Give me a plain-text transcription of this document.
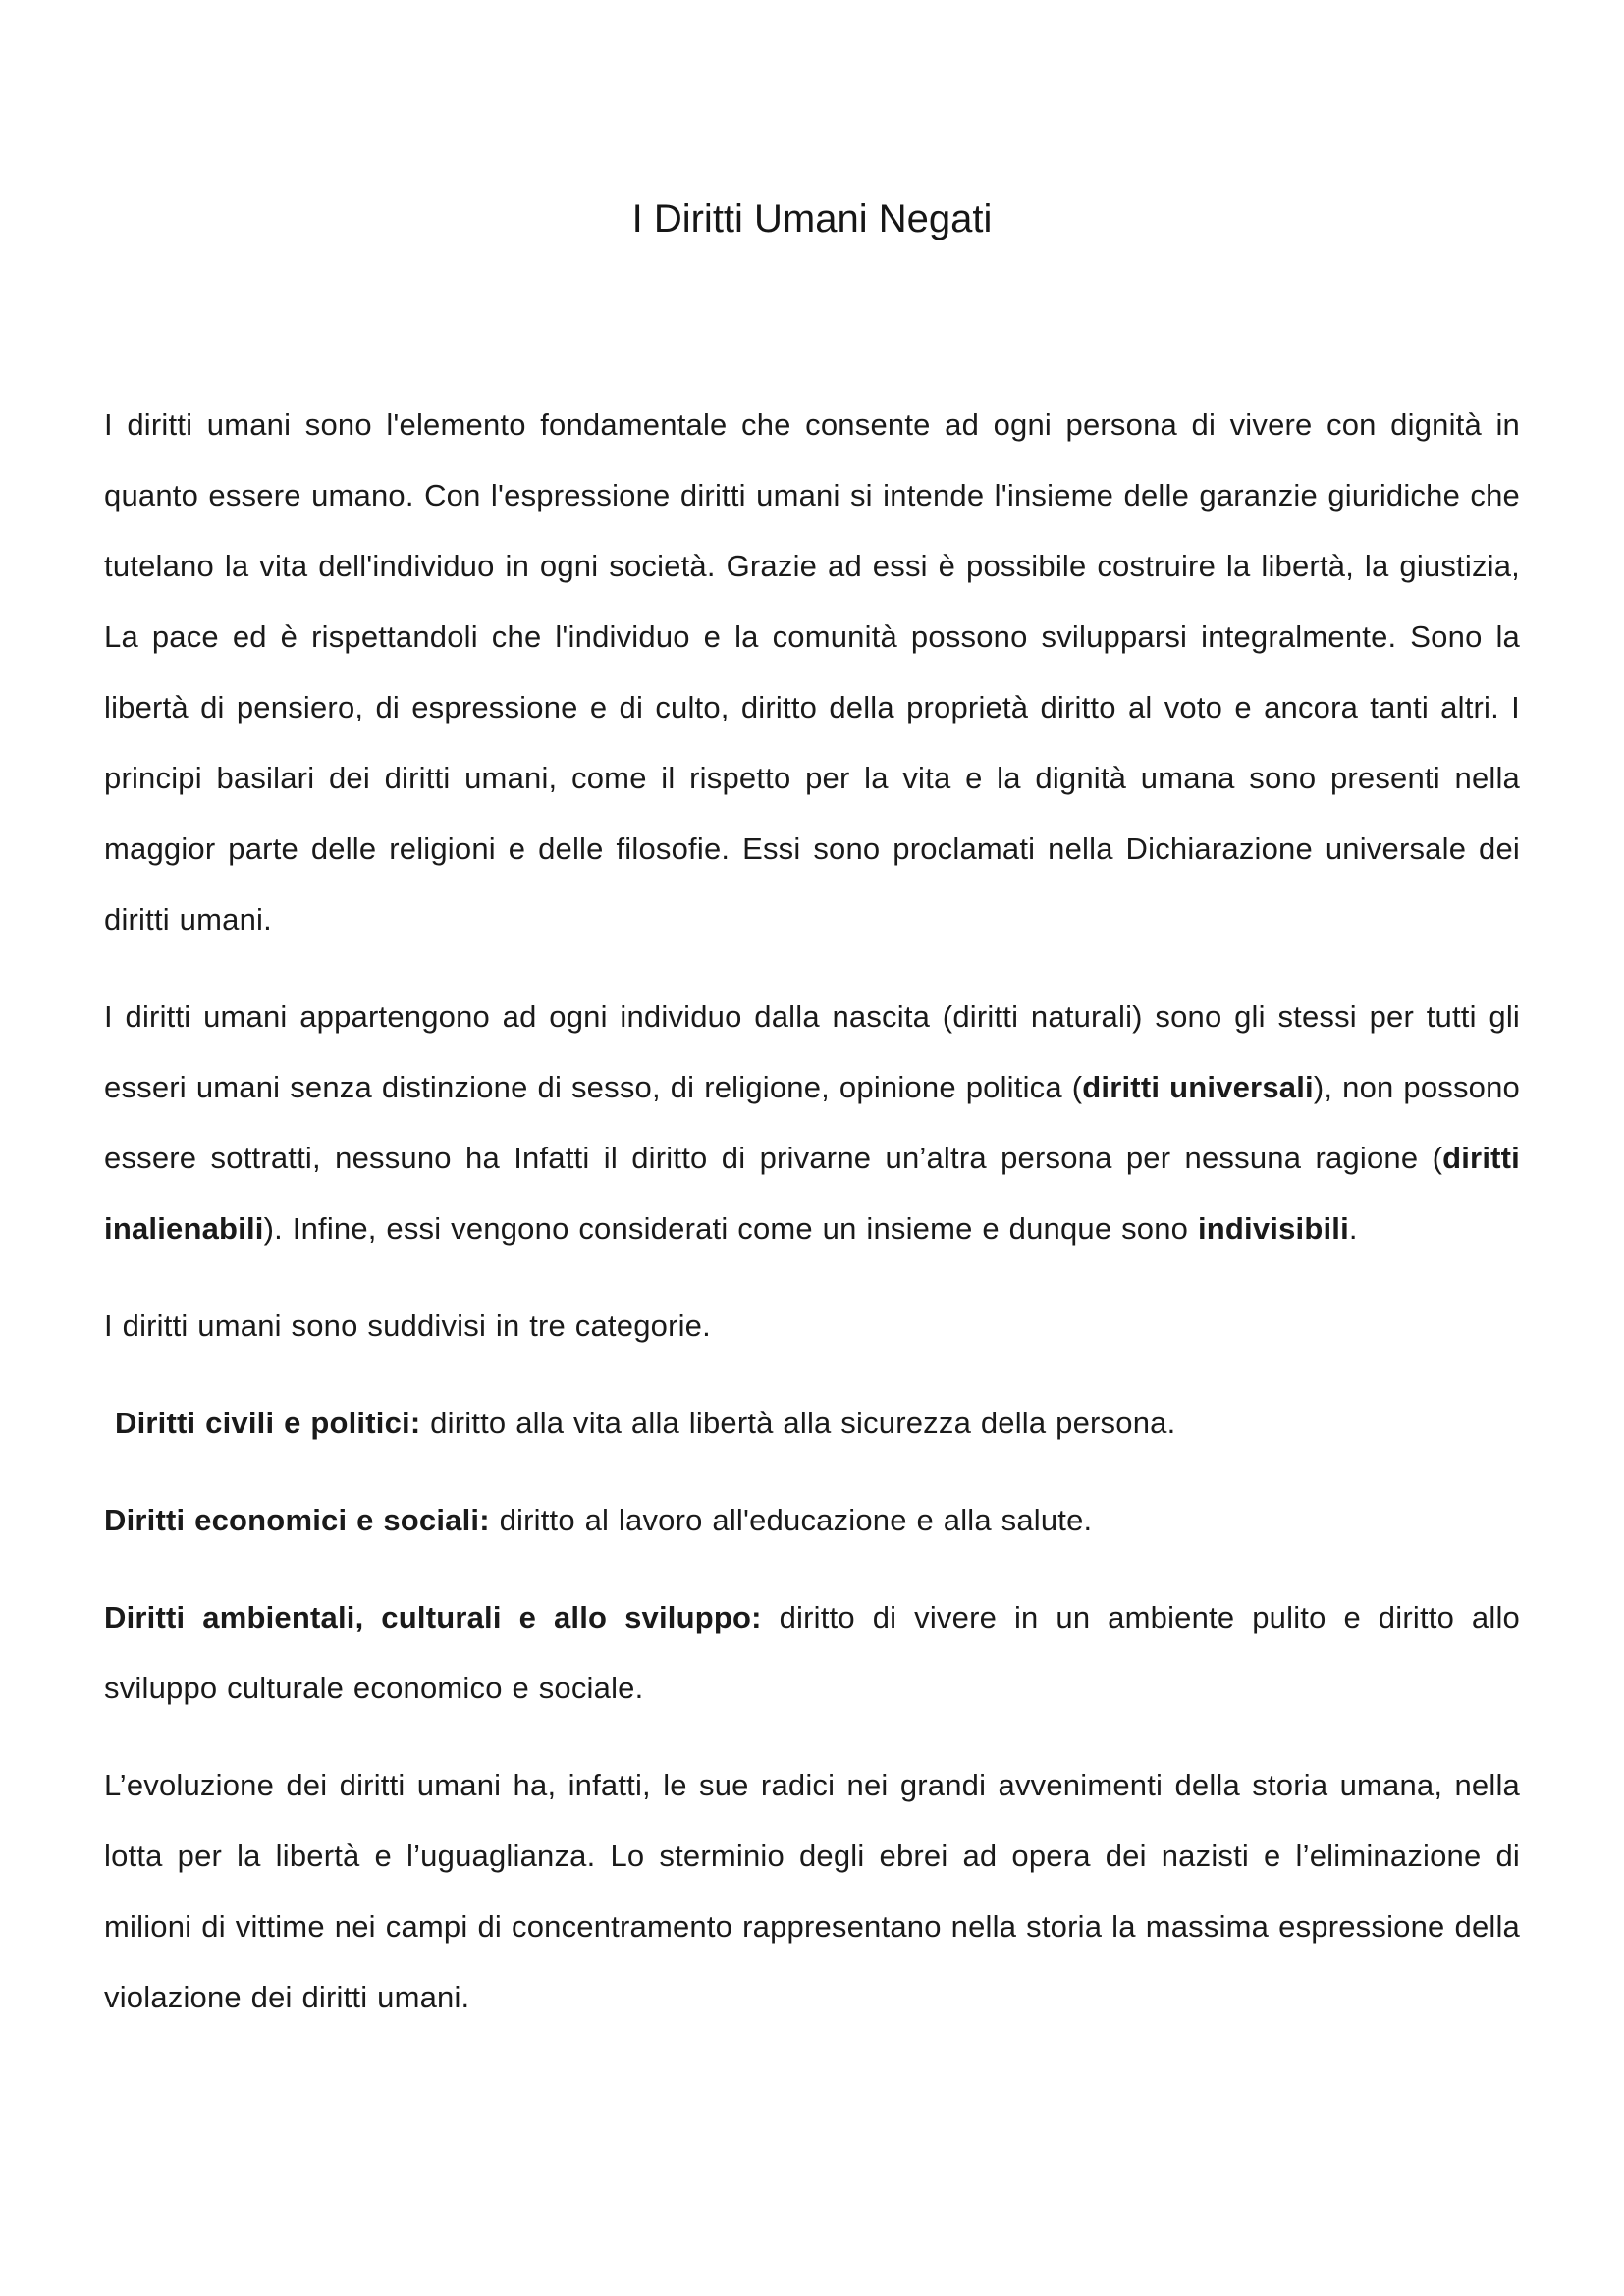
I Diritti Umani Negati

I diritti umani sono l'elemento fondamentale che consente ad ogni persona di vivere con dignità in quanto essere umano. Con l'espressione diritti umani si intende l'insieme delle garanzie giuridiche che tutelano la vita dell'individuo in ogni società. Grazie ad essi è possibile costruire la libertà, la giustizia, La pace ed è rispettandoli che l'individuo e la comunità possono svilupparsi integralmente. Sono la libertà di pensiero, di espressione e di culto, diritto della proprietà diritto al voto e ancora tanti altri. I principi basilari dei diritti umani, come il rispetto per la vita e la dignità umana sono presenti nella maggior parte delle religioni e delle filosofie. Essi sono proclamati nella Dichiarazione universale dei diritti umani.

I diritti umani appartengono ad ogni individuo dalla nascita (diritti naturali) sono gli stessi per tutti gli esseri umani senza distinzione di sesso, di religione, opinione politica (diritti universali), non possono essere sottratti, nessuno ha Infatti il diritto di privarne un’altra persona per nessuna ragione (diritti inalienabili). Infine, essi vengono considerati come un insieme e dunque sono indivisibili.

I diritti umani sono suddivisi in tre categorie.

Diritti civili e politici: diritto alla vita alla libertà alla sicurezza della persona.

Diritti economici e sociali: diritto al lavoro all'educazione e alla salute.

Diritti ambientali, culturali e allo sviluppo: diritto di vivere in un ambiente pulito e diritto allo sviluppo culturale economico e sociale.

L’evoluzione dei diritti umani ha, infatti, le sue radici nei grandi avvenimenti della storia umana, nella lotta per la libertà e l’uguaglianza. Lo sterminio degli ebrei ad opera dei nazisti e l’eliminazione di milioni di vittime nei campi di concentramento rappresentano nella storia la massima espressione della violazione dei diritti umani.
